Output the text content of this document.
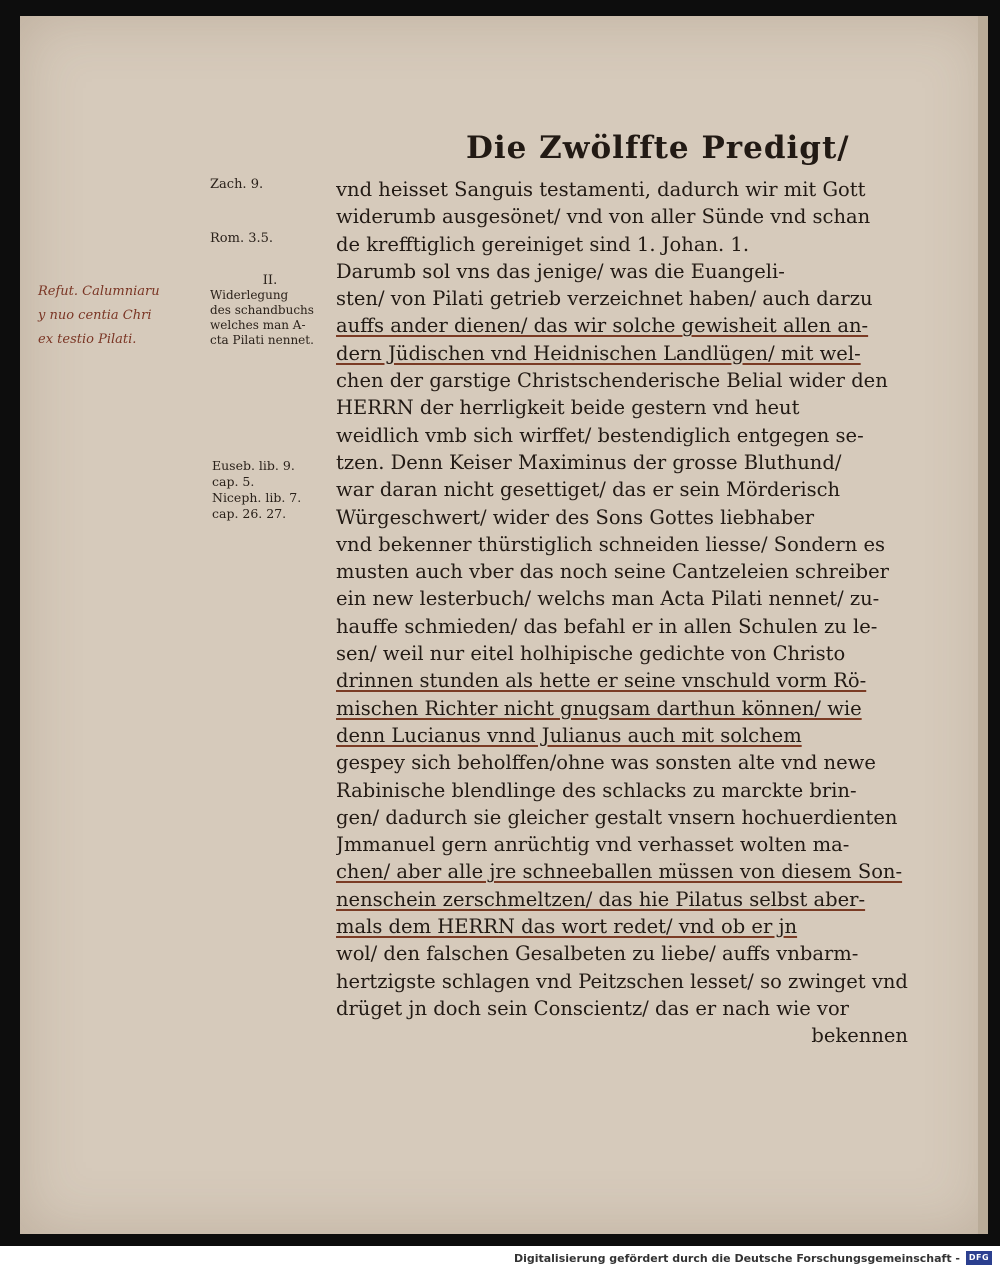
Die Zwölffte Predigt/
Zach. 9.
Rom. 3.5.
II.
Widerlegung
des schandbuchs
welches man A-
cta Pilati nennet.
Euseb. lib. 9.
cap. 5.
Niceph. lib. 7.
cap. 26. 27.
Refut. Calumniaru
y nuo centia Chri
ex testio Pilati.
vnd heisset Sanguis testamenti, dadurch wir mit Gott
widerumb ausgesönet/ vnd von aller Sünde vnd schan
de krefftiglich gereiniget sind 1. Johan. 1.
Darumb sol vns das jenige/ was die Euangeli-
sten/ von Pilati getrieb verzeichnet haben/ auch darzu
auffs ander dienen/ das wir solche gewisheit allen an-
dern Jüdischen vnd Heidnischen Landlügen/ mit wel-
chen der garstige Christschenderische Belial wider den
HERRN der herrligkeit beide gestern vnd heut
weidlich vmb sich wirffet/ bestendiglich entgegen se-
tzen. Denn Keiser Maximinus der grosse Bluthund/
war daran nicht gesettiget/ das er sein Mörderisch
Würgeschwert/ wider des Sons Gottes liebhaber
vnd bekenner thürstiglich schneiden liesse/ Sondern es
musten auch vber das noch seine Cantzeleien schreiber
ein new lesterbuch/ welchs man Acta Pilati nennet/ zu-
hauffe schmieden/ das befahl er in allen Schulen zu le-
sen/ weil nur eitel holhipische gedichte von Christo
drinnen stunden als hette er seine vnschuld vorm Rö-
mischen Richter nicht gnugsam darthun können/ wie
denn Lucianus vnnd Julianus auch mit solchem
gespey sich beholffen/ohne was sonsten alte vnd newe
Rabinische blendlinge des schlacks zu marckte brin-
gen/ dadurch sie gleicher gestalt vnsern hochuerdienten
Jmmanuel gern anrüchtig vnd verhasset wolten ma-
chen/ aber alle jre schneeballen müssen von diesem Son-
nenschein zerschmeltzen/ das hie Pilatus selbst aber-
mals dem HERRN das wort redet/ vnd ob er jn
wol/ den falschen Gesalbeten zu liebe/ auffs vnbarm-
hertzigste schlagen vnd Peitzschen lesset/ so zwinget vnd
drüget jn doch sein Conscientz/ das er nach wie vor
bekennen
Digitalisierung gefördert durch die Deutsche Forschungsgemeinschaft -	DFG
